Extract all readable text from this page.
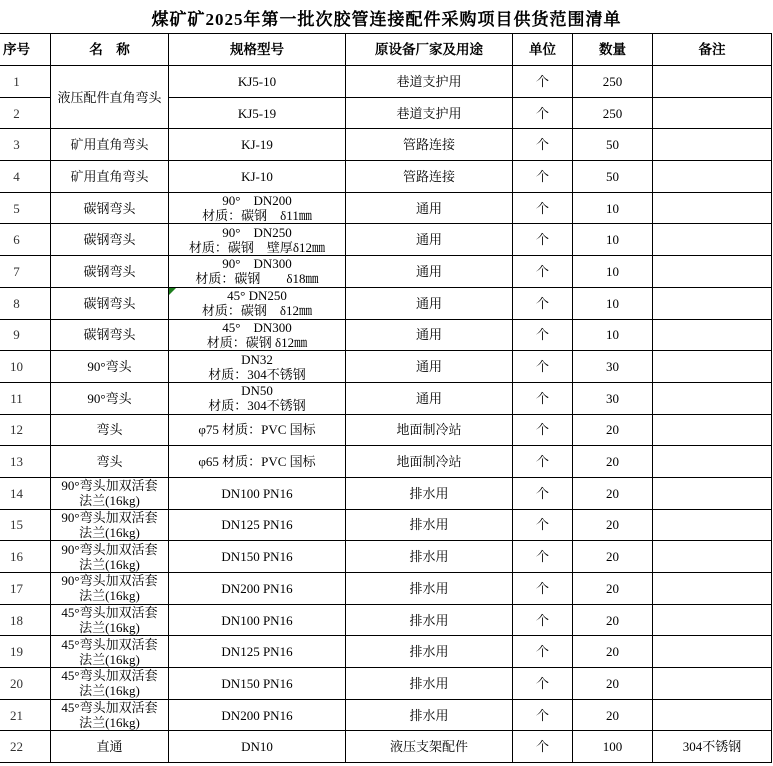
煤矿矿2025年第一批次胶管连接配件采购项目供货范围清单
序号	名　称	规格型号	原设备厂家及用途	单位	数量	备注
1	液压配件直角弯头	KJ5-10	巷道支护用	个	250	
2		KJ5-19	巷道支护用	个	250	
3	矿用直角弯头	KJ-19	管路连接	个	50	
4	矿用直角弯头	KJ-10	管路连接	个	50	
5	碳钢弯头	90°　DN200
材质：碳钢　δ11㎜	通用	个	10	
6	碳钢弯头	90°　DN250
材质：碳钢　壁厚δ12㎜	通用	个	10	
7	碳钢弯头	90°　DN300
材质：碳钢　　δ18㎜	通用	个	10	
8	碳钢弯头	45° DN250
材质：碳钢　δ12㎜	通用	个	10	
9	碳钢弯头	45°　DN300
材质：碳钢 δ12㎜	通用	个	10	
10	90°弯头	DN32
材质：304不锈钢	通用	个	30	
11	90°弯头	DN50
材质：304不锈钢	通用	个	30	
12	弯头	φ75 材质：PVC 国标	地面制冷站	个	20	
13	弯头	φ65 材质：PVC 国标	地面制冷站	个	20	
14	90°弯头加双活套
法兰(16kg)	DN100 PN16	排水用	个	20	
15	90°弯头加双活套
法兰(16kg)	DN125 PN16	排水用	个	20	
16	90°弯头加双活套
法兰(16kg)	DN150 PN16	排水用	个	20	
17	90°弯头加双活套
法兰(16kg)	DN200 PN16	排水用	个	20	
18	45°弯头加双活套
法兰(16kg)	DN100 PN16	排水用	个	20	
19	45°弯头加双活套
法兰(16kg)	DN125 PN16	排水用	个	20	
20	45°弯头加双活套
法兰(16kg)	DN150 PN16	排水用	个	20	
21	45°弯头加双活套
法兰(16kg)	DN200 PN16	排水用	个	20	
22	直通	DN10	液压支架配件	个	100	304不锈钢
